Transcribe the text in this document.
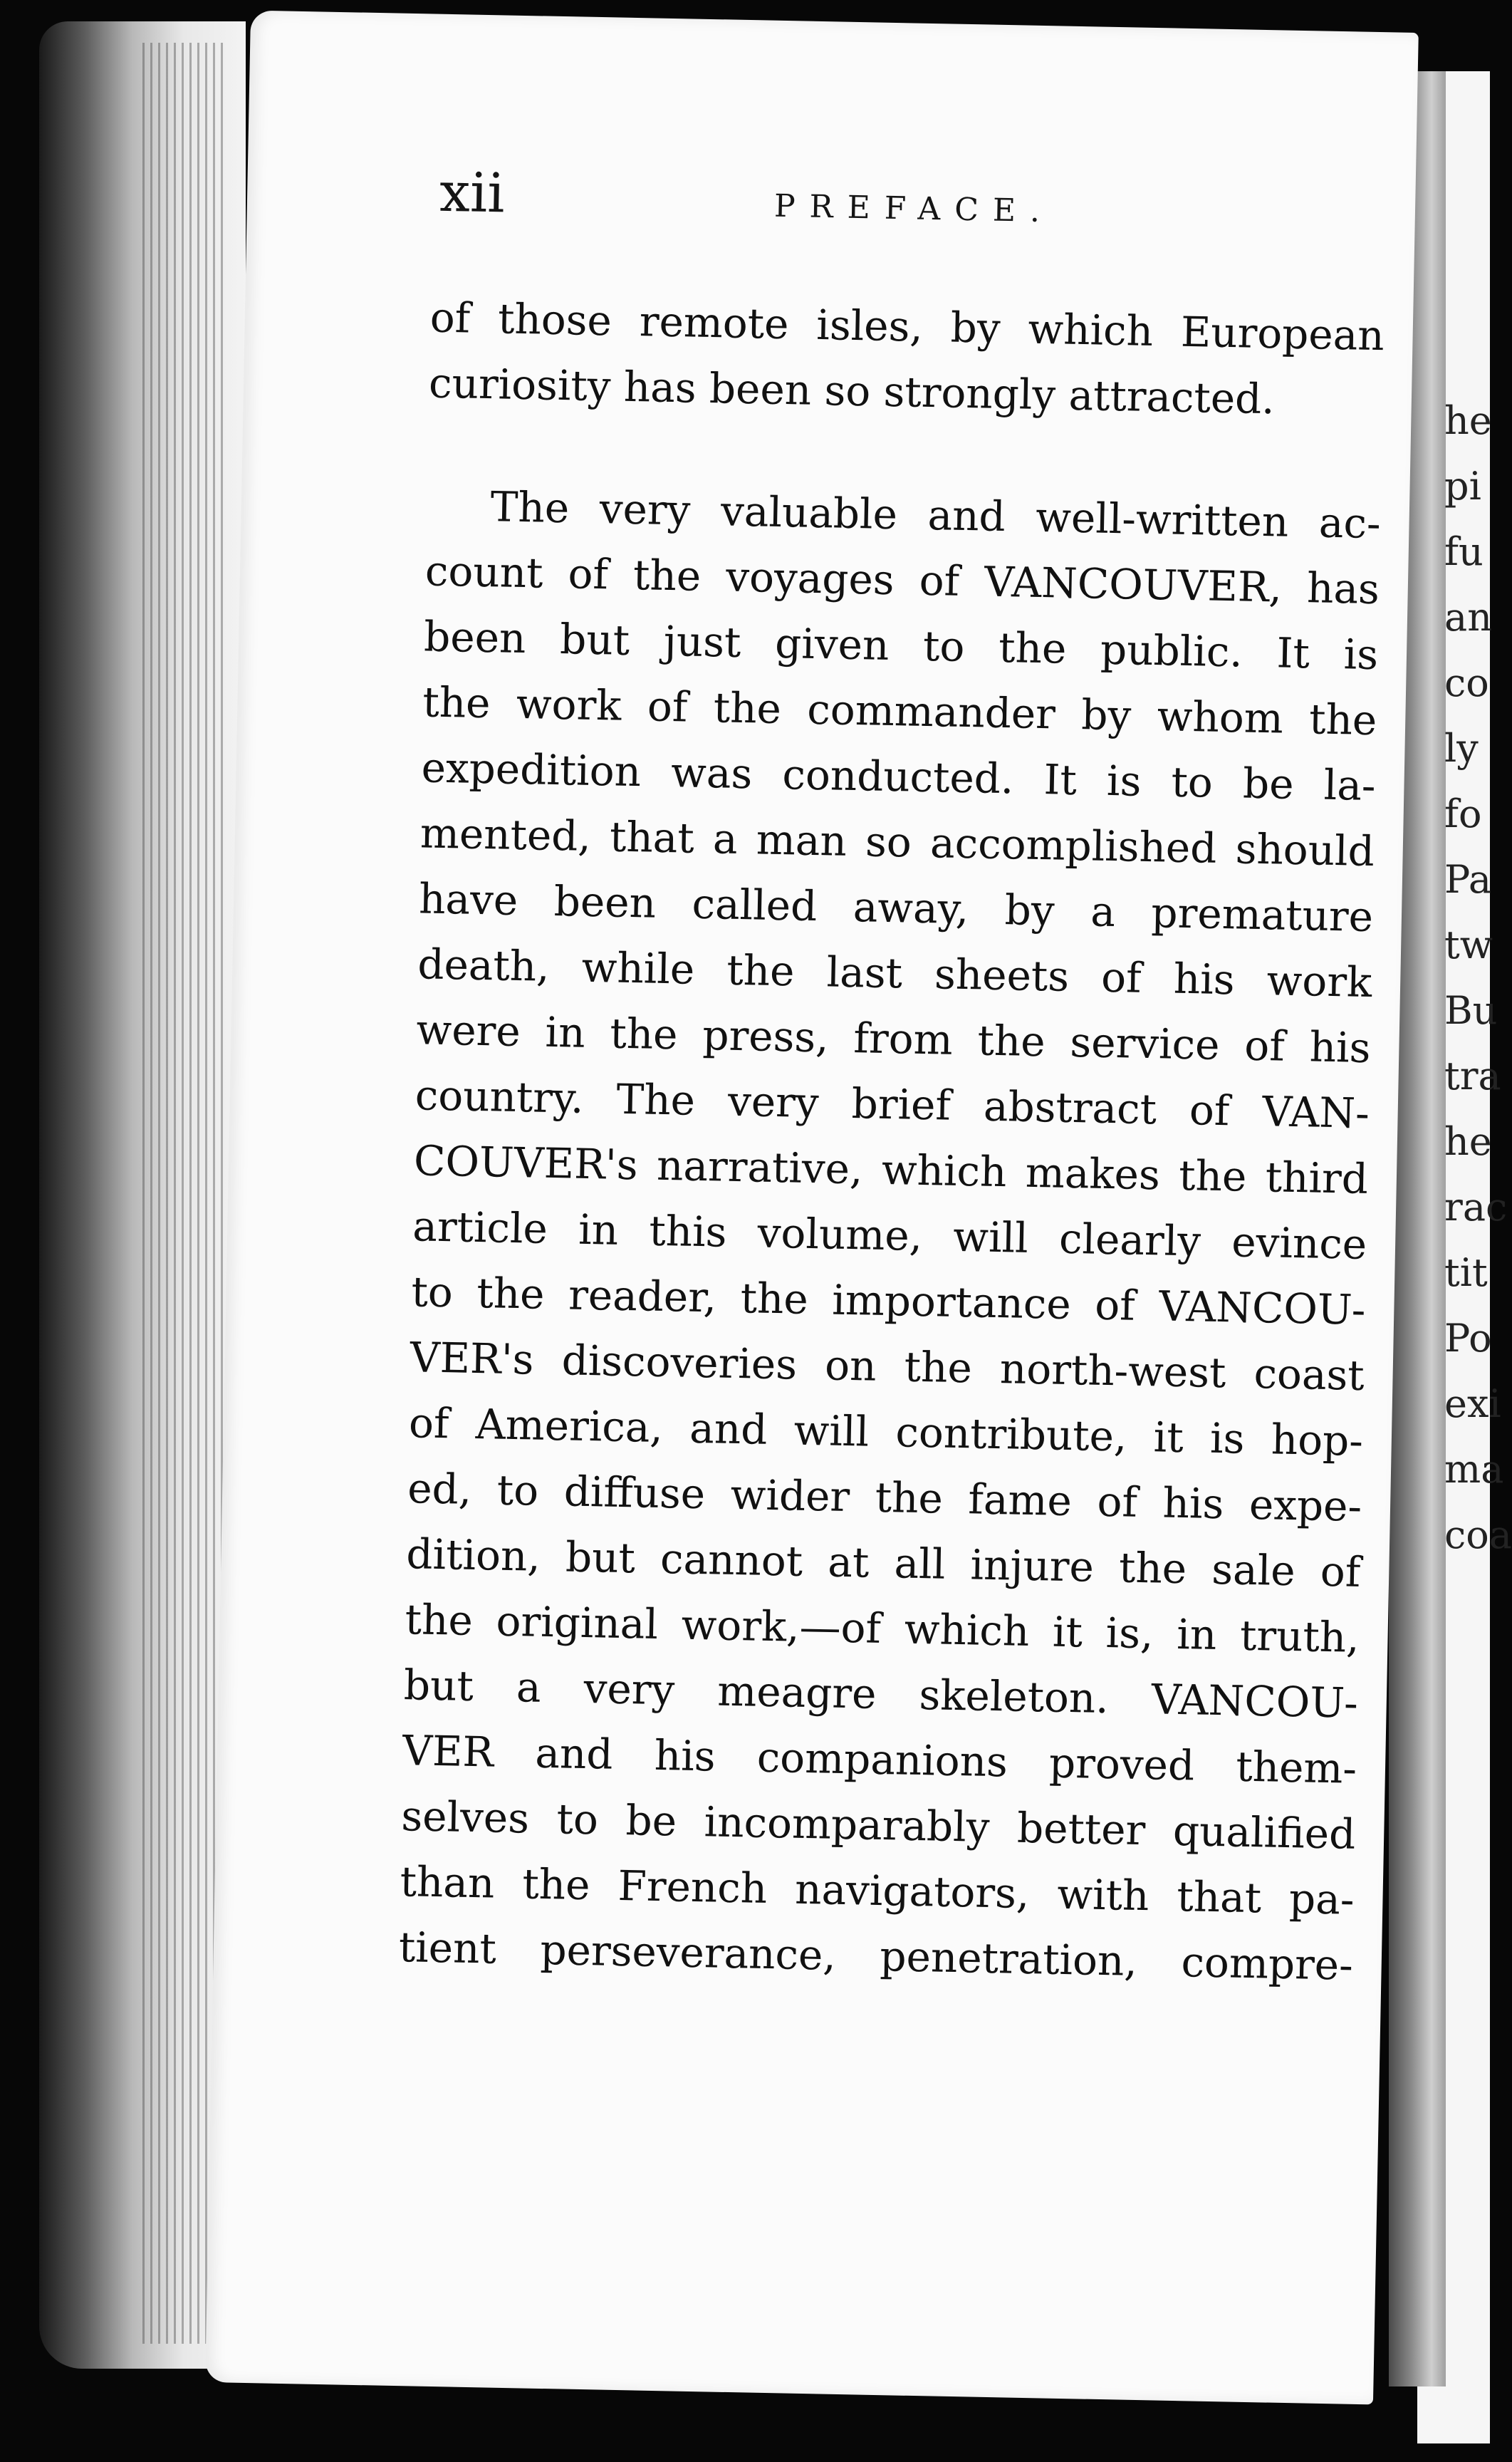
he
pi
fu
an
co
ly
fo
Pa
tw
Bu
tra
he
rac
tit
Po
exi
ma
coa
xii	PREFACE.
of those remote isles, by which European
curiosity has been so strongly attracted.
The very valuable and well-written ac-
count of the voyages of VANCOUVER, has
been but just given to the public. It is
the work of the commander by whom the
expedition was conducted. It is to be la-
mented, that a man so accomplished should
have been called away, by a premature
death, while the last sheets of his work
were in the press, from the service of his
country. The very brief abstract of VAN-
COUVER's narrative, which makes the third
article in this volume, will clearly evince
to the reader, the importance of VANCOU-
VER's discoveries on the north-west coast
of America, and will contribute, it is hop-
ed, to diffuse wider the fame of his expe-
dition, but cannot at all injure the sale of
the original work,—of which it is, in truth,
but a very meagre skeleton. VANCOU-
VER and his companions proved them-
selves to be incomparably better qualified
than the French navigators, with that pa-
tient perseverance, penetration, compre-
